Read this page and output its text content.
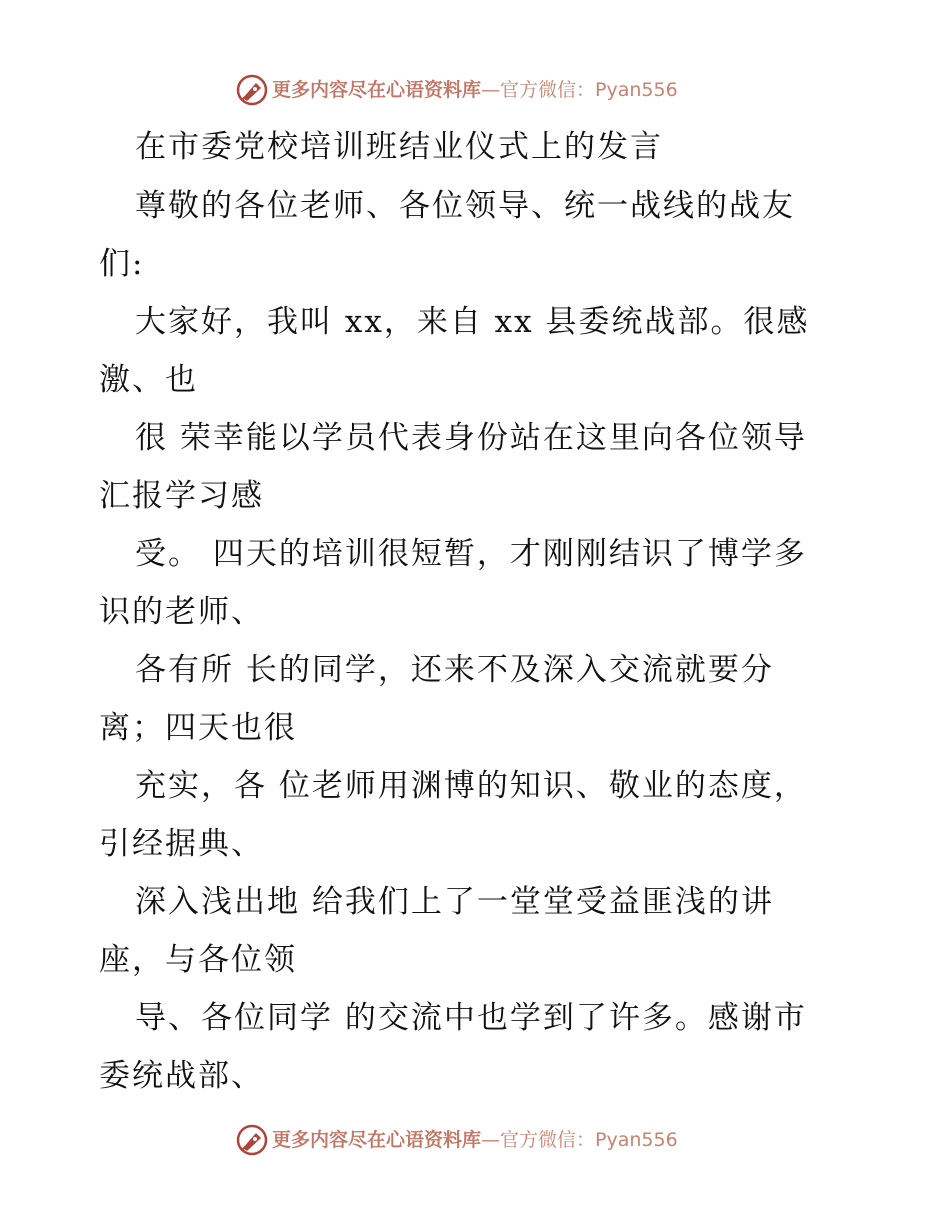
更多内容尽在心语资料库—官方微信：Pyan556
在市委党校培训班结业仪式上的发言
尊敬的各位老师、各位领导、统一战线的战友
们:
大家好，我叫 xx，来自 xx 县委统战部。很感
激、也
很 荣幸能以学员代表身份站在这里向各位领导
汇报学习感
受。 四天的培训很短暂，才刚刚结识了博学多
识的老师、
各有所 长的同学，还来不及深入交流就要分
离；四天也很
充实，各 位老师用渊博的知识、敬业的态度，
引经据典、
深入浅出地 给我们上了一堂堂受益匪浅的讲
座，与各位领
导、各位同学 的交流中也学到了许多。感谢市
委统战部、
更多内容尽在心语资料库—官方微信：Pyan556
